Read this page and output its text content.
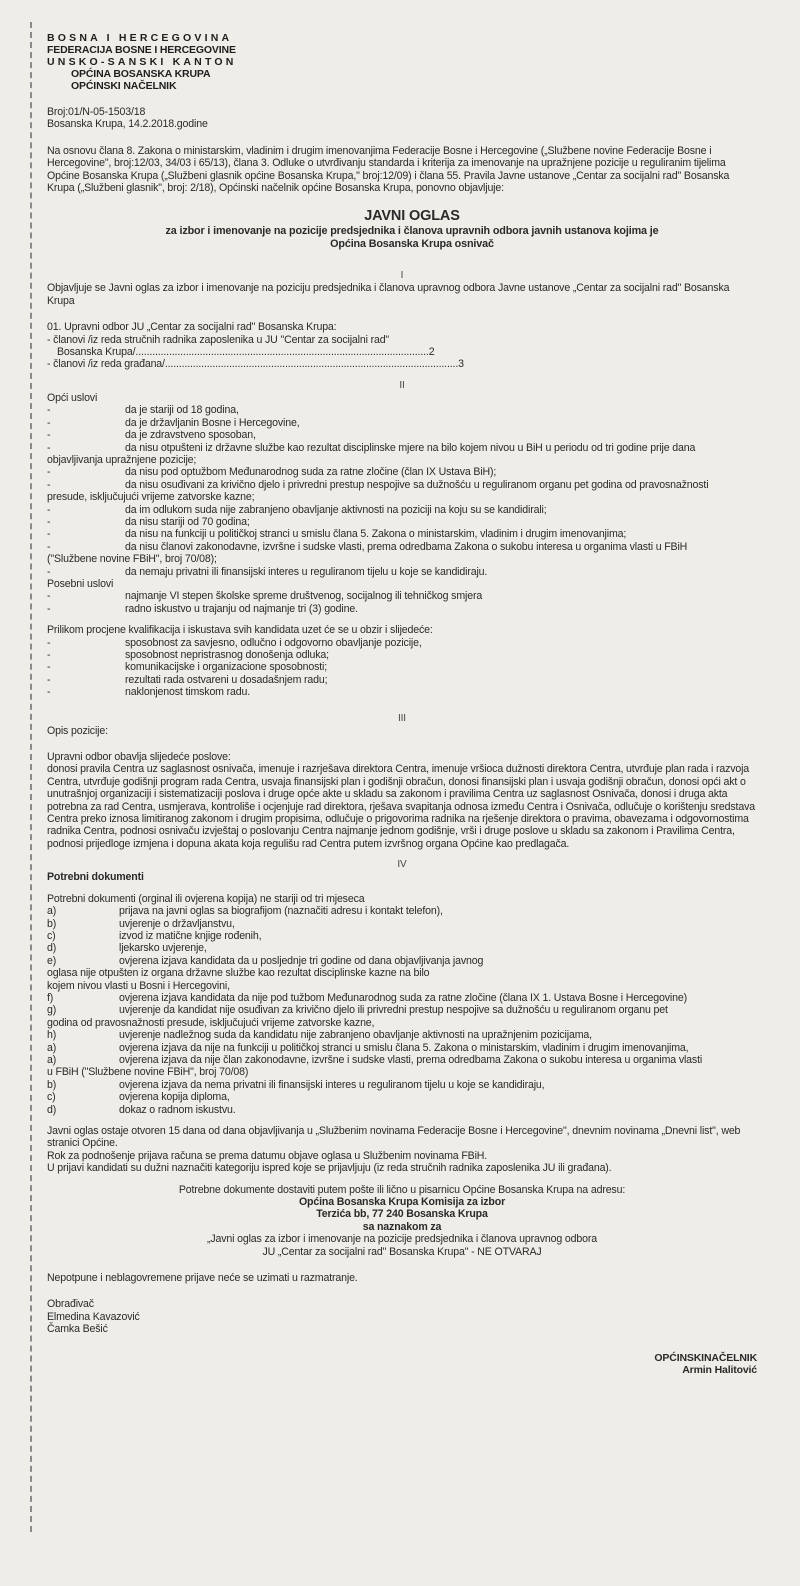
BOSNA I HERCEGOVINA
FEDERACIJA BOSNE I HERCEGOVINE
UNSKO-SANSKI KANTON
OPĆINA BOSANSKA KRUPA
OPĆINSKI NAČELNIK

Broj:01/N-05-1503/18

Bosanska Krupa, 14.2.2018.godine

Na osnovu člana 8. Zakona o ministarskim, vladinim i drugim imenovanjima Federacije Bosne i Hercegovine („Službene novine Federacije Bosne i Hercegovine", broj:12/03, 34/03 i 65/13), člana 3. Odluke o utvrđivanju standarda i kriterija za imenovanje na upražnjene pozicije u reguliranim tijelima Općine Bosanska Krupa („Službeni glasnik općine Bosanska Krupa," broj:12/09) i člana 55. Pravila Javne ustanove „Centar za socijalni rad" Bosanska Krupa („Službeni glasnik", broj: 2/18), Općinski načelnik općine Bosanska Krupa, ponovno objavljuje:

JAVNI OGLAS
za izbor i imenovanje na pozicije predsjednika i članova upravnih odbora javnih ustanova kojima je
Općina Bosanska Krupa osnivač
I

Objavljuje se Javni oglas za izbor i imenovanje na poziciju predsjednika i članova upravnog odbora Javne ustanove „Centar za socijalni rad" Bosanska Krupa

01. Upravni odbor JU „Centar za socijalni rad" Bosanska Krupa:

- članovi /iz reda stručnih radnika zaposlenika u JU "Centar za socijalni rad"

Bosanska Krupa/.........................................................................................................2

- članovi /iz reda građana/.........................................................................................................3

II

Opći uslovi

-	da je stariji od 18 godina,
-	da je državljanin Bosne i Hercegovine,
-	da je zdravstveno sposoban,
-	da nisu otpušteni iz državne službe kao rezultat disciplinske mjere na bilo kojem nivou u BiH u periodu od tri godine prije dana

objavljivanja upražnjene pozicije;

-	da nisu pod optužbom Međunarodnog suda za ratne zločine (član IX Ustava BiH);
-	da nisu osuđivani za krivično djelo i privredni prestup nespojive sa dužnošću u reguliranom organu pet godina od pravosnažnosti

presude, isključujući vrijeme zatvorske kazne;

-	da im odlukom suda nije zabranjeno obavljanje aktivnosti na poziciji na koju su se kandidirali;
-	da nisu stariji od 70 godina;
-	da nisu na funkciji u političkoj stranci u smislu člana 5. Zakona o ministarskim, vladinim i drugim imenovanjima;
-	da nisu članovi zakonodavne, izvršne i sudske vlasti, prema odredbama Zakona o sukobu interesa u organima vlasti u FBiH

("Službene novine FBiH", broj 70/08);

-	da nemaju privatni ili finansijski interes u reguliranom tijelu u koje se kandidiraju.

Posebni uslovi

-	najmanje VI stepen školske spreme društvenog, socijalnog ili tehničkog smjera
-	radno iskustvo u trajanju od najmanje tri (3) godine.

Prilikom procjene kvalifikacija i iskustava svih kandidata uzet će se u obzir i slijedeće:

-	sposobnost za savjesno, odlučno i odgovorno obavljanje pozicije,
-	sposobnost nepristrasnog donošenja odluka;
-	komunikacijske i organizacione sposobnosti;
-	rezultati rada ostvareni u dosadašnjem radu;
-	naklonjenost timskom radu.
III

Opis pozicije:

Upravni odbor obavlja slijedeće poslove:

donosi pravila Centra uz saglasnost osnivača, imenuje i razrješava direktora Centra, imenuje vršioca dužnosti direktora Centra, utvrđuje plan rada i razvoja Centra, utvrđuje godišnji program rada Centra, usvaja finansijski plan i godišnji obračun, donosi finansijski plan i usvaja godišnji obračun, donosi opći akt o unutrašnjoj organizaciji i sistematizaciji poslova i druge opće akte u skladu sa zakonom i pravilima Centra uz saglasnost Osnivača, donosi i druga akta potrebna za rad Centra, usmjerava, kontroliše i ocjenjuje rad direktora, rješava svapitanja odnosa između Centra i Osnivača, odlučuje o korištenju sredstava Centra preko iznosa limitiranog zakonom i drugim propisima, odlučuje o prigovorima radnika na rješenje direktora o pravima, obavezama i odgovornostima radnika Centra, podnosi osnivaču izvještaj o poslovanju Centra najmanje jednom godišnje, vrši i druge poslove u skladu sa zakonom i Pravilima Centra, podnosi prijedloge izmjena i dopuna akata koja regulišu rad Centra putem izvršnog organa Općine kao predlagača.

IV

Potrebni dokumenti

Potrebni dokumenti (orginal ili ovjerena kopija) ne stariji od tri mjeseca

a)	prijava na javni oglas sa biografijom (naznačiti adresu i kontakt telefon),
b)	uvjerenje o državljanstvu,
c)	izvod iz matične knjige rođenih,
d)	ljekarsko uvjerenje,
e)	ovjerena izjava kandidata da u posljednje tri godine od dana objavljivanja javnog

oglasa nije otpušten iz organa državne službe kao rezultat disciplinske kazne na bilo

kojem nivou vlasti u Bosni i Hercegovini,

f)	ovjerena izjava kandidata da nije pod tužbom Međunarodnog suda za ratne zločine (člana IX 1. Ustava Bosne i Hercegovine)
g)	uvjerenje da kandidat nije osuđivan za krivično djelo ili privredni prestup nespojive sa dužnošću u reguliranom organu pet

godina od pravosnažnosti presude, isključujući vrijeme zatvorske kazne,

h)	uvjerenje nadležnog suda da kandidatu nije zabranjeno obavljanje aktivnosti na upražnjenim pozicijama,
a)	ovjerena izjava da nije na funkciji u političkoj stranci u smislu člana 5. Zakona o ministarskim, vladinim i drugim imenovanjima,
a)	ovjerena izjava da nije član zakonodavne, izvršne i sudske vlasti, prema odredbama Zakona o sukobu interesa u organima vlasti

u FBiH ("Službene novine FBiH", broj 70/08)

b)	ovjerena izjava da nema privatni ili finansijski interes u reguliranom tijelu u koje se kandidiraju,
c)	ovjerena kopija diploma,
d)	dokaz o radnom iskustvu.

Javni oglas ostaje otvoren 15 dana od dana objavljivanja u „Službenim novinama Federacije Bosne i Hercegovine", dnevnim novinama „Dnevni list", web stranici Općine.

Rok za podnošenje prijava računa se prema datumu objave oglasa u Službenim novinama FBiH.

U prijavi kandidati su dužni naznačiti kategoriju ispred koje se prijavljuju (iz reda stručnih radnika zaposlenika JU ili građana).

Potrebne dokumente dostaviti putem pošte ili lično u pisarnicu Općine Bosanska Krupa na adresu:

Općina Bosanska Krupa Komisija za izbor

Terzića bb, 77 240 Bosanska Krupa

sa naznakom za

„Javni oglas za izbor i imenovanje na pozicije predsjednika i članova upravnog odbora

JU „Centar za socijalni rad" Bosanska Krupa" - NE OTVARAJ

Nepotpune i neblagovremene prijave neće se uzimati u razmatranje.

Obrađivač

Elmedina Kavazović

Čamka Bešić

OPĆINSKINAČELNIK
Armin Halitović
